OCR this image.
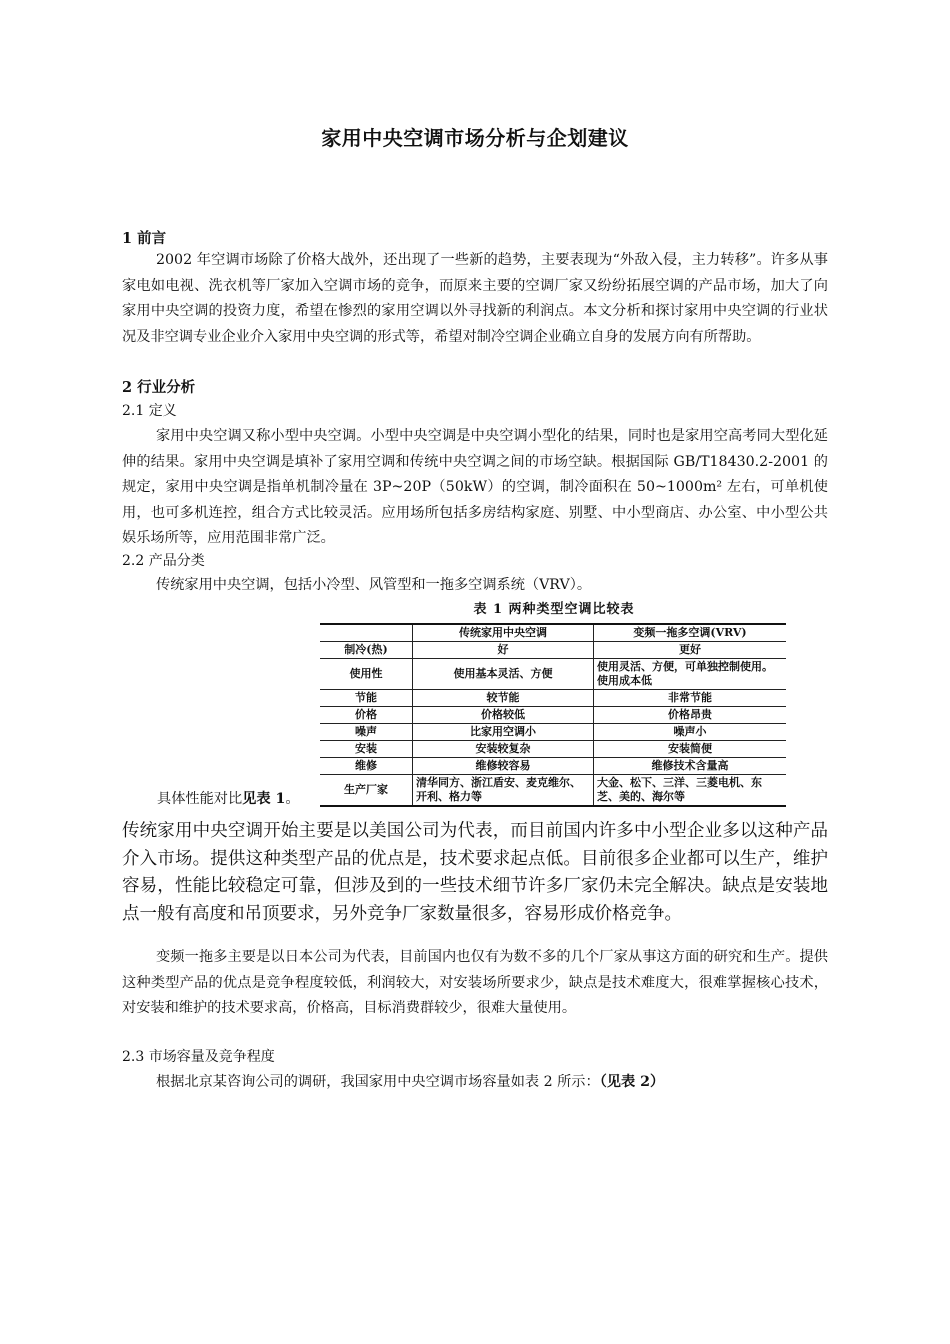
家用中央空调市场分析与企划建议
1 前言
2002 年空调市场除了价格大战外，还出现了一些新的趋势，主要表现为“外敌入侵，主力转移”。许多从事家电如电视、洗衣机等厂家加入空调市场的竞争，而原来主要的空调厂家又纷纷拓展空调的产品市场，加大了向家用中央空调的投资力度，希望在惨烈的家用空调以外寻找新的利润点。本文分析和探讨家用中央空调的行业状况及非空调专业企业介入家用中央空调的形式等，希望对制冷空调企业确立自身的发展方向有所帮助。
2 行业分析
2.1 定义
家用中央空调又称小型中央空调。小型中央空调是中央空调小型化的结果，同时也是家用空高考同大型化延伸的结果。家用中央空调是填补了家用空调和传统中央空调之间的市场空缺。根据国际 GB/T18430.2-2001 的规定，家用中央空调是指单机制冷量在 3P~20P（50kW）的空调，制冷面积在 50~1000m² 左右，可单机使用，也可多机连控，组合方式比较灵活。应用场所包括多房结构家庭、别墅、中小型商店、办公室、中小型公共娱乐场所等，应用范围非常广泛。
2.2 产品分类
传统家用中央空调，包括小冷型、风管型和一拖多空调系统（VRV）。
表 1 两种类型空调比较表
	传统家用中央空调	变频一拖多空调(VRV)
制冷(热)	好	更好
使用性	使用基本灵活、方便	使用灵活、方便，可单独控制使用。使用成本低
节能	较节能	非常节能
价格	价格较低	价格昂贵
噪声	比家用空调小	噪声小
安装	安装较复杂	安装简便
维修	维修较容易	维修技术含量高
生产厂家	清华同方、浙江盾安、麦克维尔、开利、格力等	大金、松下、三洋、三菱电机、东芝、美的、海尔等
具体性能对比见表 1。
传统家用中央空调开始主要是以美国公司为代表，而目前国内许多中小型企业多以这种产品介入市场。提供这种类型产品的优点是，技术要求起点低。目前很多企业都可以生产，维护容易，性能比较稳定可靠，但涉及到的一些技术细节许多厂家仍未完全解决。缺点是安装地点一般有高度和吊顶要求，另外竞争厂家数量很多，容易形成价格竞争。
变频一拖多主要是以日本公司为代表，目前国内也仅有为数不多的几个厂家从事这方面的研究和生产。提供这种类型产品的优点是竞争程度较低，利润较大，对安装场所要求少，缺点是技术难度大，很难掌握核心技术，对安装和维护的技术要求高，价格高，目标消费群较少，很难大量使用。
2.3 市场容量及竞争程度
根据北京某咨询公司的调研，我国家用中央空调市场容量如表 2 所示：（见表 2）
